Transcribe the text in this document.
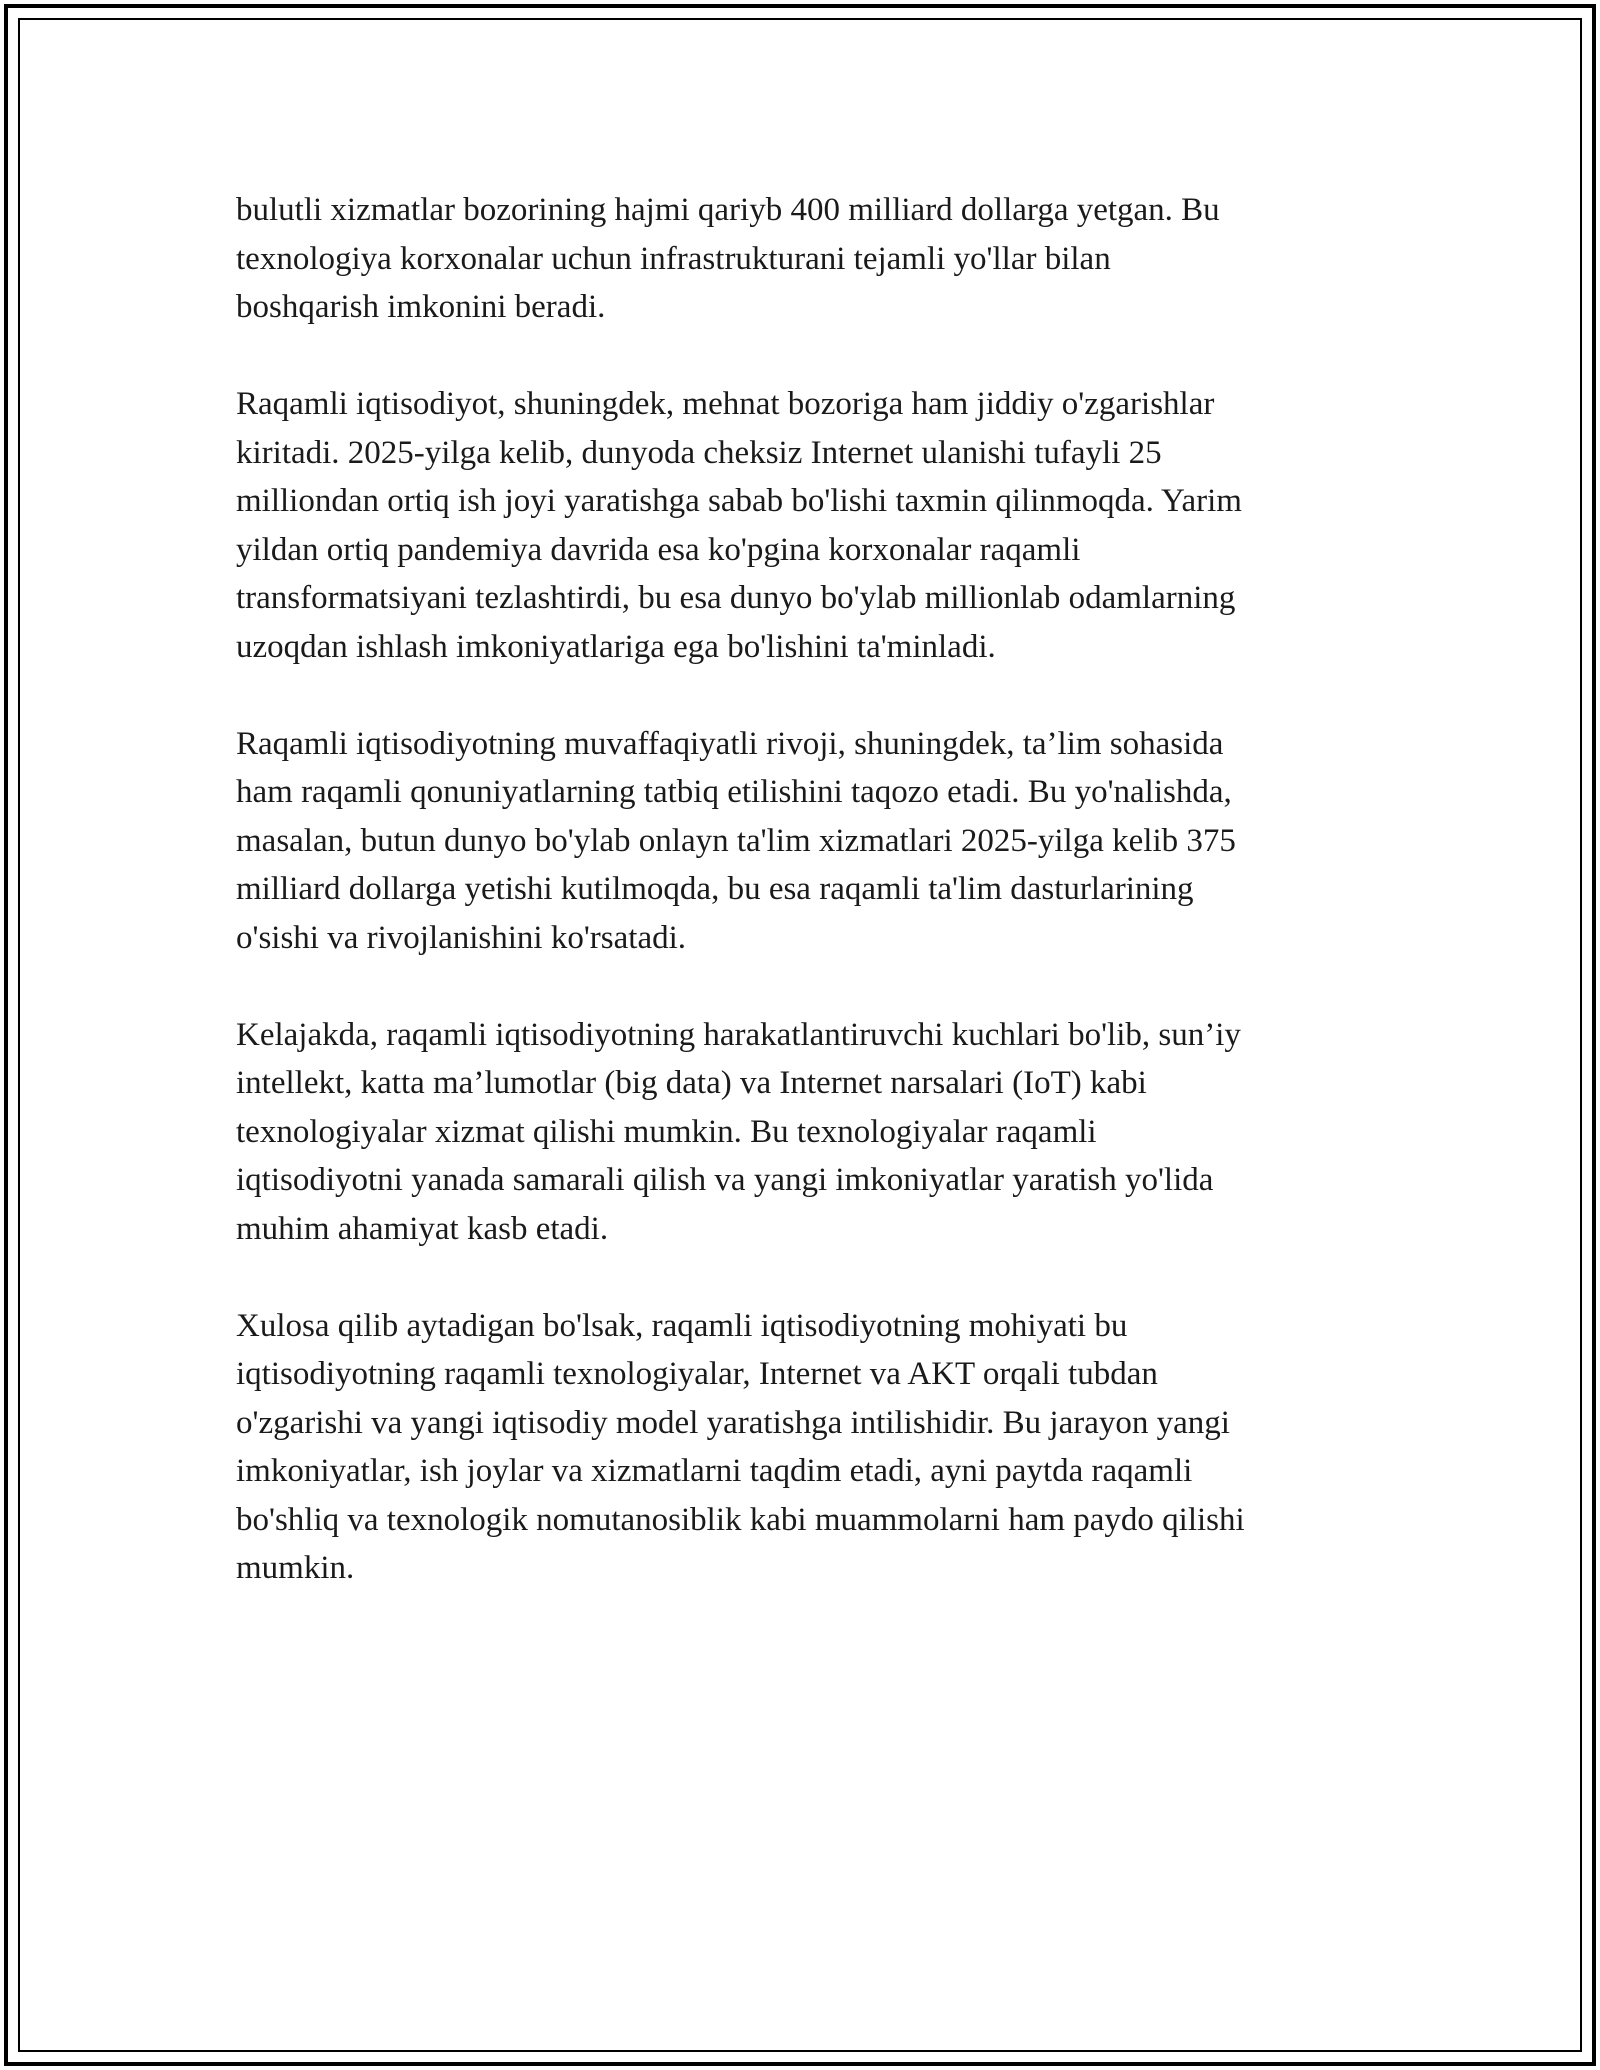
bulutli xizmatlar bozorining hajmi qariyb 400 milliard dollarga yetgan. Bu
texnologiya korxonalar uchun infrastrukturani tejamli yo'llar bilan
boshqarish imkonini beradi.

Raqamli iqtisodiyot, shuningdek, mehnat bozoriga ham jiddiy o'zgarishlar
kiritadi. 2025-yilga kelib, dunyoda cheksiz Internet ulanishi tufayli 25
milliondan ortiq ish joyi yaratishga sabab bo'lishi taxmin qilinmoqda. Yarim
yildan ortiq pandemiya davrida esa ko'pgina korxonalar raqamli
transformatsiyani tezlashtirdi, bu esa dunyo bo'ylab millionlab odamlarning
uzoqdan ishlash imkoniyatlariga ega bo'lishini ta'minladi.

Raqamli iqtisodiyotning muvaffaqiyatli rivoji, shuningdek, ta’lim sohasida
ham raqamli qonuniyatlarning tatbiq etilishini taqozo etadi. Bu yo'nalishda,
masalan, butun dunyo bo'ylab onlayn ta'lim xizmatlari 2025-yilga kelib 375
milliard dollarga yetishi kutilmoqda, bu esa raqamli ta'lim dasturlarining
o'sishi va rivojlanishini ko'rsatadi.

Kelajakda, raqamli iqtisodiyotning harakatlantiruvchi kuchlari bo'lib, sun’iy
intellekt, katta ma’lumotlar (big data) va Internet narsalari (IoT) kabi
texnologiyalar xizmat qilishi mumkin. Bu texnologiyalar raqamli
iqtisodiyotni yanada samarali qilish va yangi imkoniyatlar yaratish yo'lida
muhim ahamiyat kasb etadi.

Xulosa qilib aytadigan bo'lsak, raqamli iqtisodiyotning mohiyati bu
iqtisodiyotning raqamli texnologiyalar, Internet va AKT orqali tubdan
o'zgarishi va yangi iqtisodiy model yaratishga intilishidir. Bu jarayon yangi
imkoniyatlar, ish joylar va xizmatlarni taqdim etadi, ayni paytda raqamli
bo'shliq va texnologik nomutanosiblik kabi muammolarni ham paydo qilishi
mumkin.
